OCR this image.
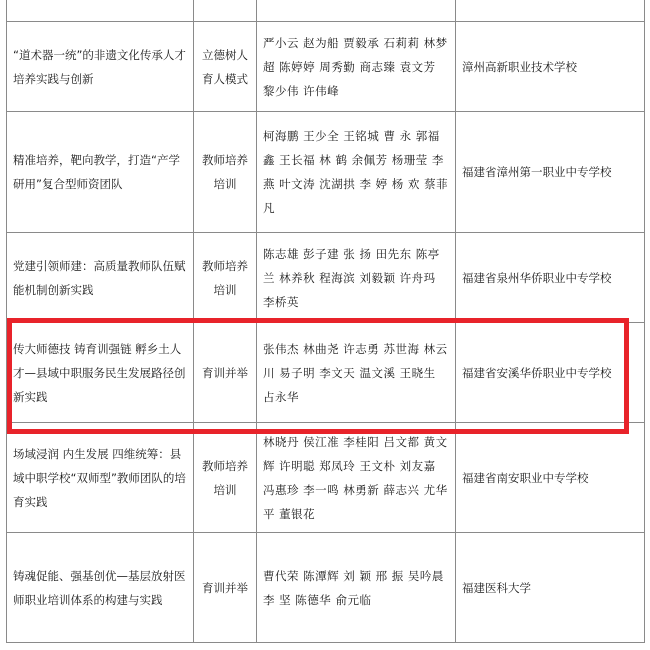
“道术器一统”的非遗文化传承人才培养实践与创新	立德树人育人模式	严小云 赵为船 贾毅承 石莉莉 林梦超 陈婷婷 周秀勤 商志臻 袁文芳 黎少伟 许伟峰	漳州高新职业技术学校
精准培养，靶向教学，打造“产学研用”复合型师资团队	教师培养培训	柯海鹏 王少全 王铭城 曹 永 郭福鑫 王长福 林 鹤 余佩芳 杨珊莹 李 燕 叶文涛 沈湖拱 李 婷 杨 欢 蔡菲凡	福建省漳州第一职业中专学校
党建引领师建：高质量教师队伍赋能机制创新实践	教师培养培训	陈志雄 彭子建 张 扬 田先东 陈亭兰 林养秋 程海滨 刘毅颖 许舟玛 李桥英	福建省泉州华侨职业中专学校
传大师德技 铸育训强链 孵乡土人才—县域中职服务民生发展路径创新实践	育训并举	张伟杰 林曲尧 许志勇 苏世海 林云川 易子明 李文天 温文溪 王晓生 占永华	福建省安溪华侨职业中专学校
场域浸润 内生发展 四维统筹：县域中职学校“双师型”教师团队的培育实践	教师培养培训	林晓丹 侯江准 李桂阳 吕文都 黄文辉 许明聪 郑凤玲 王文朴 刘友嘉 冯惠珍 李一鸣 林勇新 薛志兴 尤华平 董银花	福建省南安职业中专学校
铸魂促能、强基创优—基层放射医师职业培训体系的构建与实践	育训并举	曹代荣 陈潭辉 刘 颖 邢 振 吴吟晨 李 坚 陈德华 俞元临	福建医科大学
